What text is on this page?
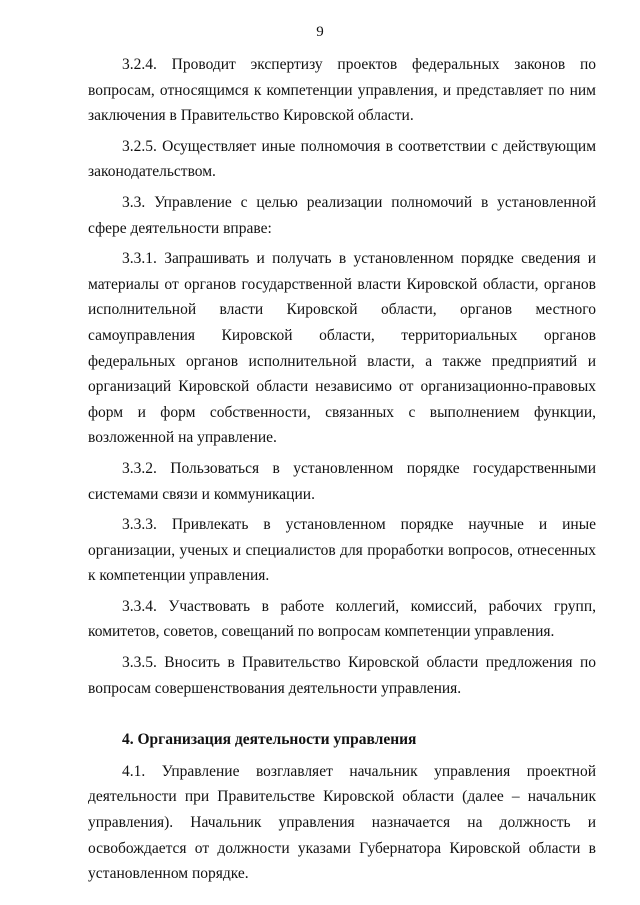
9

3.2.4. Проводит экспертизу проектов федеральных законов по вопросам, относящимся к компетенции управления, и представляет по ним заключения в Правительство Кировской области.

3.2.5. Осуществляет иные полномочия в соответствии с действующим законодательством.

3.3. Управление с целью реализации полномочий в установленной сфере деятельности вправе:

3.3.1. Запрашивать и получать в установленном порядке сведения и материалы от органов государственной власти Кировской области, органов исполнительной власти Кировской области, органов местного самоуправления Кировской области, территориальных органов федеральных органов исполнительной власти, а также предприятий и организаций Кировской области независимо от организационно-правовых форм и форм собственности, связанных с выполнением функции, возложенной на управление.

3.3.2. Пользоваться в установленном порядке государственными системами связи и коммуникации.

3.3.3. Привлекать в установленном порядке научные и иные организации, ученых и специалистов для проработки вопросов, отнесенных к компетенции управления.

3.3.4. Участвовать в работе коллегий, комиссий, рабочих групп, комитетов, советов, совещаний по вопросам компетенции управления.

3.3.5. Вносить в Правительство Кировской области предложения по вопросам совершенствования деятельности управления.

4. Организация деятельности управления

4.1. Управление возглавляет начальник управления проектной деятельности при Правительстве Кировской области (далее – начальник управления). Начальник управления назначается на должность и освобождается от должности указами Губернатора Кировской области в установленном порядке.
